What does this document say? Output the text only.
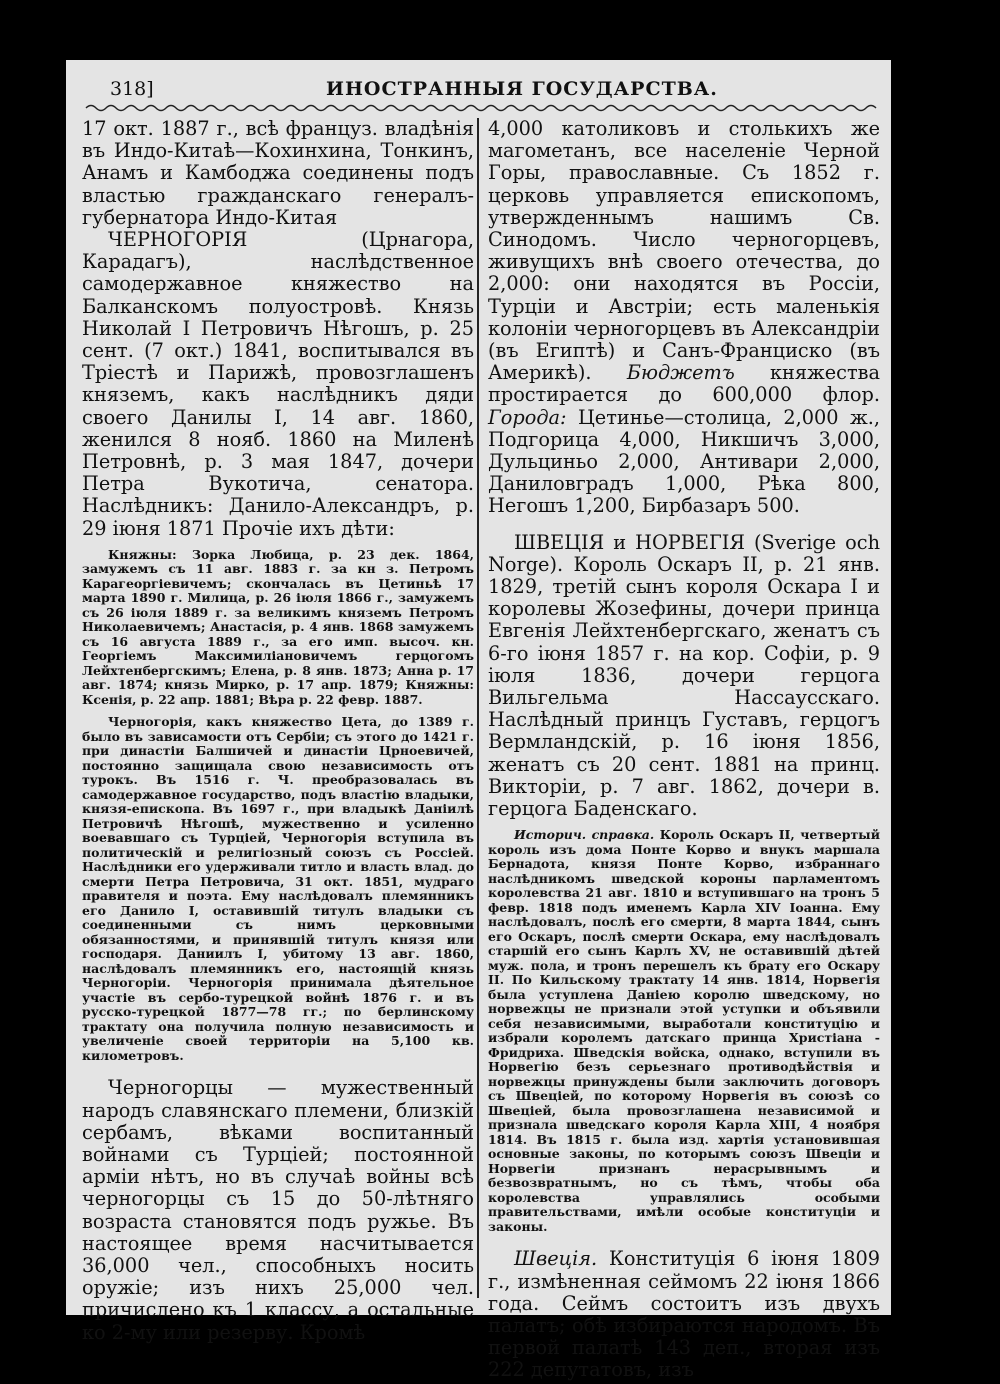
318]	ИНОСТРАННЫЯ ГОСУДАРСТВА.

17 окт. 1887 г., всѣ француз. владѣнія въ Индо-Китаѣ—Кохинхина, Тонкинъ, Анамъ и Камбоджа соединены подъ властью гражданскаго генералъ-губернатора Индо-Китая

ЧЕРНОГОРІЯ (Црнагора, Карадагъ), наслѣдственное самодержавное княжество на Балканскомъ полуостровѣ. Князь Николай I Петровичъ Нѣгошъ, р. 25 сент. (7 окт.) 1841, воспитывался въ Тріестѣ и Парижѣ, провозглашенъ княземъ, какъ наслѣдникъ дяди своего Данилы I, 14 авг. 1860, женился 8 нояб. 1860 на Миленѣ Петровнѣ, р. 3 мая 1847, дочери Петра Вукотича, сенатора. Наслѣдникъ: Данило-Александръ, р. 29 іюня 1871 Прочіе ихъ дѣти:

Княжны: Зорка Любица, р. 23 дек. 1864, замужемъ съ 11 авг. 1883 г. за кн з. Петромъ Карагеоргіевичемъ; скончалась въ Цетиньѣ 17 марта 1890 г. Милица, р. 26 іюля 1866 г., замужемъ съ 26 іюля 1889 г. за великимъ княземъ Петромъ Николаевичемъ; Анастасія, р. 4 янв. 1868 замужемъ съ 16 августа 1889 г., за его имп. высоч. кн. Георгіемъ Максимиліановичемъ герцогомъ Лейхтенбергскимъ; Елена, р. 8 янв. 1873; Анна р. 17 авг. 1874; князь Мирко, р. 17 апр. 1879; Княжны: Ксенія, р. 22 апр. 1881; Вѣра р. 22 февр. 1887.

Черногорія, какъ княжество Цета, до 1389 г. было въ зависамости отъ Сербіи; съ этого до 1421 г. при династіи Балшичей и династіи Црноевичей, постоянно защищала свою независимость отъ турокъ. Въ 1516 г. Ч. преобразовалась въ самодержавное государство, подъ властію владыки, князя-епископа. Въ 1697 г., при владыкѣ Даніилѣ Петровичѣ Нѣгошѣ, мужественно и усиленно воевавшаго съ Турціей, Черногорія вступила въ политическій и религіозный союзъ съ Россіей. Наслѣдники его удерживали титло и власть влад. до смерти Петра Петровича, 31 окт. 1851, мудраго правителя и поэта. Ему наслѣдовалъ племянникъ его Данило I, оставившій титулъ владыки съ соединенными съ нимъ церковными обязанностями, и принявшій титулъ князя или господаря. Даниилъ I, убитому 13 авг. 1860, наслѣдовалъ племянникъ его, настоящій князь Черногоріи. Черногорія принимала дѣятельное участіе въ сербо-турецкой войнѣ 1876 г. и въ русско-турецкой 1877—78 гг.; по берлинскому трактату она получила полную независимость и увеличеніе своей территоріи на 5,100 кв. километровъ.

Черногорцы — мужественный народъ славянскаго племени, близкій сербамъ, вѣками воспитанный войнами съ Турціей; постоянной арміи нѣтъ, но въ случаѣ войны всѣ черногорцы съ 15 до 50-лѣтняго возраста становятся подъ ружье. Въ настоящее время насчитывается 36,000 чел., способныхъ носить оружіе; изъ нихъ 25,000 чел. причислено къ 1 классу, а остальные ко 2-му или резерву. Кромѣ

4,000 католиковъ и столькихъ же магометанъ, все населеніе Черной Горы, православные. Съ 1852 г. церковь управляется епископомъ, утвержденнымъ нашимъ Св. Синодомъ. Число черногорцевъ, живущихъ внѣ своего отечества, до 2,000: они находятся въ Россіи, Турціи и Австріи; есть маленькія колоніи черногорцевъ въ Александріи (въ Египтѣ) и Санъ-Франциско (въ Америкѣ). Бюджетъ княжества простирается до 600,000 флор. Города: Цетинье—столица, 2,000 ж., Подгорица 4,000, Никшичъ 3,000, Дульциньо 2,000, Антивари 2,000, Даниловградъ 1,000, Рѣка 800, Негошъ 1,200, Бирбазаръ 500.

ШВЕЦІЯ и НОРВЕГІЯ (Sverige och Norge). Король Оскаръ II, р. 21 янв. 1829, третій сынъ короля Оскара I и королевы Жозефины, дочери принца Евгенія Лейхтенбергскаго, женатъ съ 6-го іюня 1857 г. на кор. Софіи, р. 9 іюля 1836, дочери герцога Вильгельма Нассаусскаго. Наслѣдный принцъ Густавъ, герцогъ Вермландскій, р. 16 іюня 1856, женатъ съ 20 сент. 1881 на принц. Викторіи, р. 7 авг. 1862, дочери в. герцога Баденскаго.

Историч. справка. Король Оскаръ II, четвертый король изъ дома Понте Корво и внукъ маршала Бернадота, князя Понте Корво, избраннаго наслѣдникомъ шведской короны парламентомъ королевства 21 авг. 1810 и вступившаго на тронъ 5 февр. 1818 подъ именемъ Карла XIV Іоанна. Ему наслѣдовалъ, послѣ его смерти, 8 марта 1844, сынъ его Оскаръ, послѣ смерти Оскара, ему наслѣдовалъ старшій его сынъ Карлъ XV, не оставившій дѣтей муж. пола, и тронъ перешелъ къ брату его Оскару II. По Кильскому трактату 14 янв. 1814, Норвегія была уступлена Даніею королю шведскому, но норвежцы не признали этой уступки и объявили себя независимыми, выработали конституцію и избрали королемъ датскаго принца Христіана - Фридриха. Шведскія войска, однако, вступили въ Норвегію безъ серьезнаго противодѣйствія и норвежцы принуждены были заключить договоръ съ Швеціей, по которому Норвегія въ союзѣ со Швеціей, была провозглашена независимой и признала шведскаго короля Карла XIII, 4 ноября 1814. Въ 1815 г. была изд. хартія установившая основные законы, по которымъ союзъ Швеціи и Норвегіи признанъ нерасрывнымъ и безвозвратнымъ, но съ тѣмъ, чтобы оба королевства управлялись особыми правительствами, имѣли особые конституціи и законы.

Швеція. Конституція 6 іюня 1809 г., измѣненная сеймомъ 22 іюня 1866 года. Сеймъ состоитъ изъ двухъ палатъ; обѣ избираются народомъ. Въ первой палатѣ 143 деп., вторая изъ 222 депутатовъ, изъ
